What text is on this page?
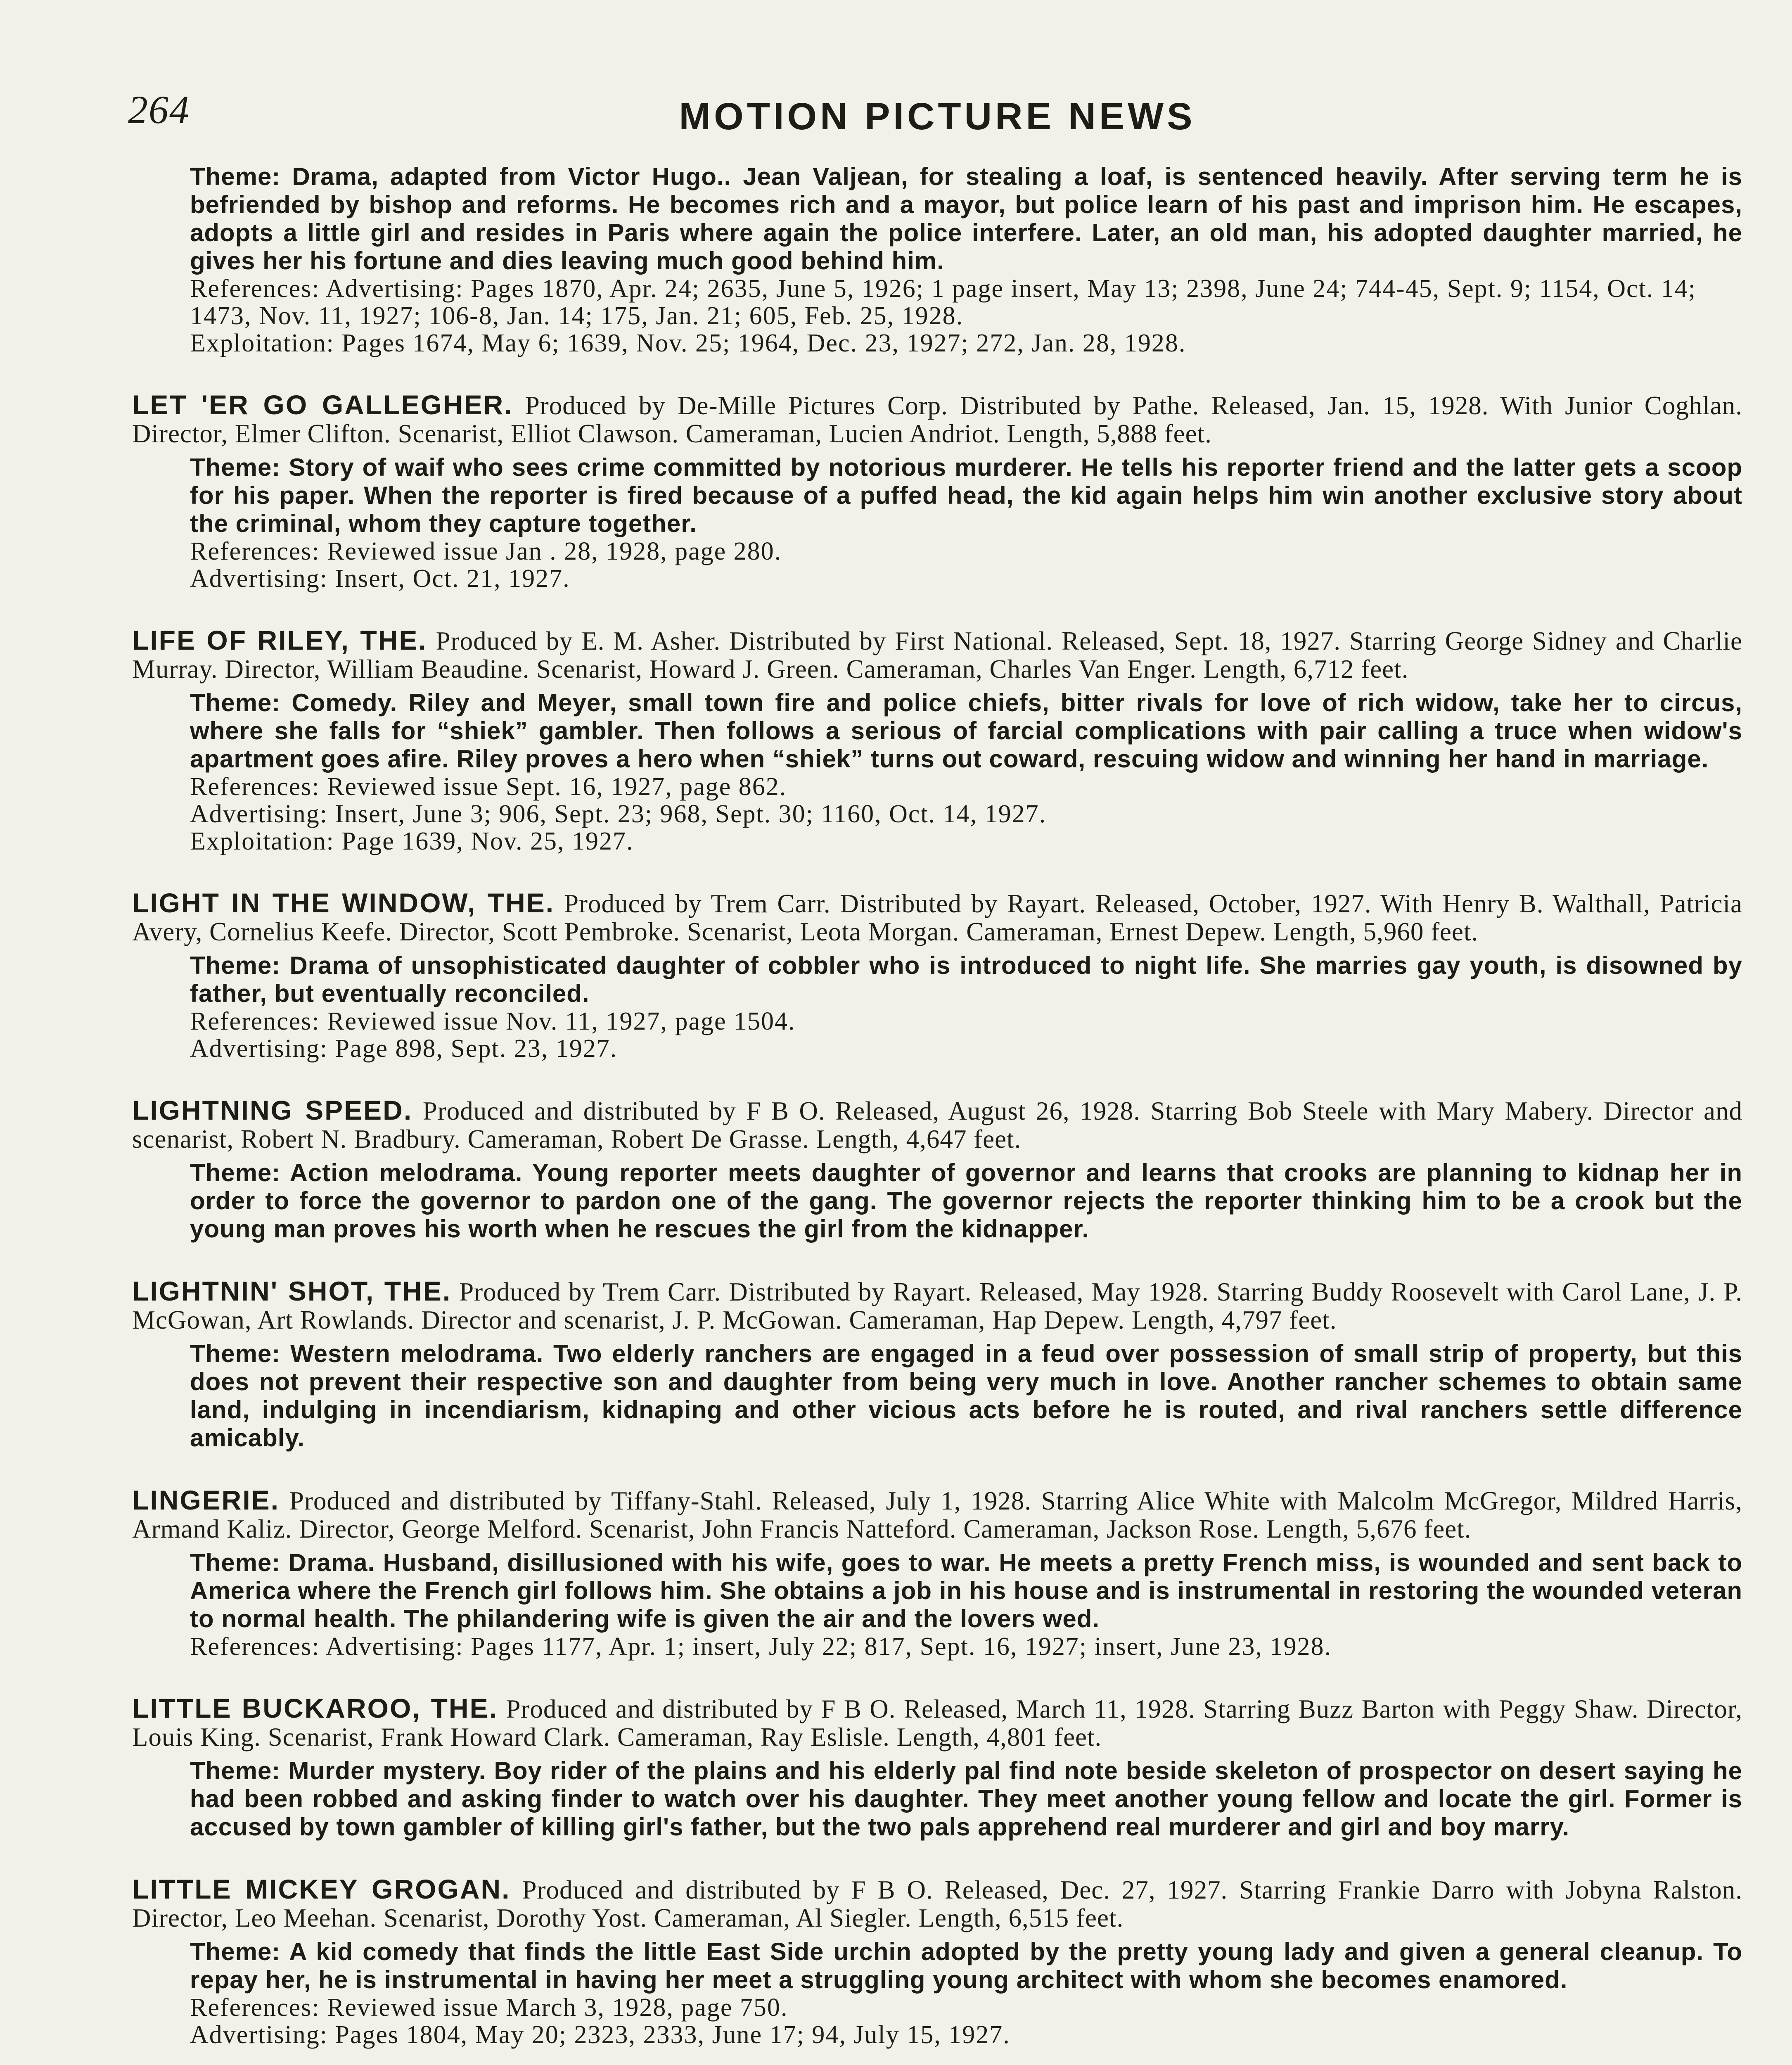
264	MOTION PICTURE NEWS

Theme: Drama, adapted from Victor Hugo.. Jean Valjean, for stealing a loaf, is sentenced heavily. After serving term he is befriended by bishop and reforms. He becomes rich and a mayor, but police learn of his past and imprison him. He escapes, adopts a little girl and resides in Paris where again the police interfere. Later, an old man, his adopted daughter married, he gives her his fortune and dies leaving much good behind him.

References: Advertising: Pages 1870, Apr. 24; 2635, June 5, 1926; 1 page insert, May 13; 2398, June 24; 744-45, Sept. 9; 1154, Oct. 14; 1473, Nov. 11, 1927; 106-8, Jan. 14; 175, Jan. 21; 605, Feb. 25, 1928.
Exploitation: Pages 1674, May 6; 1639, Nov. 25; 1964, Dec. 23, 1927; 272, Jan. 28, 1928.

LET 'ER GO GALLEGHER. Produced by De-Mille Pictures Corp. Distributed by Pathe. Released, Jan. 15, 1928. With Junior Coghlan. Director, Elmer Clifton. Scenarist, Elliot Clawson. Cameraman, Lucien Andriot. Length, 5,888 feet.

Theme: Story of waif who sees crime committed by notorious murderer. He tells his reporter friend and the latter gets a scoop for his paper. When the reporter is fired because of a puffed head, the kid again helps him win another exclusive story about the criminal, whom they capture together.

References: Reviewed issue Jan . 28, 1928, page 280.
Advertising: Insert, Oct. 21, 1927.

LIFE OF RILEY, THE. Produced by E. M. Asher. Distributed by First National. Released, Sept. 18, 1927. Starring George Sidney and Charlie Murray. Director, William Beaudine. Scenarist, Howard J. Green. Cameraman, Charles Van Enger. Length, 6,712 feet.

Theme: Comedy. Riley and Meyer, small town fire and police chiefs, bitter rivals for love of rich widow, take her to circus, where she falls for “shiek” gambler. Then follows a serious of farcial complications with pair calling a truce when widow's apartment goes afire. Riley proves a hero when “shiek” turns out coward, rescuing widow and winning her hand in marriage.

References: Reviewed issue Sept. 16, 1927, page 862.
Advertising: Insert, June 3; 906, Sept. 23; 968, Sept. 30; 1160, Oct. 14, 1927.
Exploitation: Page 1639, Nov. 25, 1927.

LIGHT IN THE WINDOW, THE. Produced by Trem Carr. Distributed by Rayart. Released, October, 1927. With Henry B. Walthall, Patricia Avery, Cornelius Keefe. Director, Scott Pembroke. Scenarist, Leota Morgan. Cameraman, Ernest Depew. Length, 5,960 feet.

Theme: Drama of unsophisticated daughter of cobbler who is introduced to night life. She marries gay youth, is disowned by father, but eventually reconciled.

References: Reviewed issue Nov. 11, 1927, page 1504.
Advertising: Page 898, Sept. 23, 1927.

LIGHTNING SPEED. Produced and distributed by F B O. Released, August 26, 1928. Starring Bob Steele with Mary Mabery. Director and scenarist, Robert N. Bradbury. Cameraman, Robert De Grasse. Length, 4,647 feet.

Theme: Action melodrama. Young reporter meets daughter of governor and learns that crooks are planning to kidnap her in order to force the governor to pardon one of the gang. The governor rejects the reporter thinking him to be a crook but the young man proves his worth when he rescues the girl from the kidnapper.

LIGHTNIN' SHOT, THE. Produced by Trem Carr. Distributed by Rayart. Released, May 1928. Starring Buddy Roosevelt with Carol Lane, J. P. McGowan, Art Rowlands. Director and scenarist, J. P. McGowan. Cameraman, Hap Depew. Length, 4,797 feet.

Theme: Western melodrama. Two elderly ranchers are engaged in a feud over possession of small strip of property, but this does not prevent their respective son and daughter from being very much in love. Another rancher schemes to obtain same land, indulging in incendiarism, kidnaping and other vicious acts before he is routed, and rival ranchers settle difference amicably.

LINGERIE. Produced and distributed by Tiffany-Stahl. Released, July 1, 1928. Starring Alice White with Malcolm McGregor, Mildred Harris, Armand Kaliz. Director, George Melford. Scenarist, John Francis Natteford. Cameraman, Jackson Rose. Length, 5,676 feet.

Theme: Drama. Husband, disillusioned with his wife, goes to war. He meets a pretty French miss, is wounded and sent back to America where the French girl follows him. She obtains a job in his house and is instrumental in restoring the wounded veteran to normal health. The philandering wife is given the air and the lovers wed.

References: Advertising: Pages 1177, Apr. 1; insert, July 22; 817, Sept. 16, 1927; insert, June 23, 1928.

LITTLE BUCKAROO, THE. Produced and distributed by F B O. Released, March 11, 1928. Starring Buzz Barton with Peggy Shaw. Director, Louis King. Scenarist, Frank Howard Clark. Cameraman, Ray Eslisle. Length, 4,801 feet.

Theme: Murder mystery. Boy rider of the plains and his elderly pal find note beside skeleton of prospector on desert saying he had been robbed and asking finder to watch over his daughter. They meet another young fellow and locate the girl. Former is accused by town gambler of killing girl's father, but the two pals apprehend real murderer and girl and boy marry.

LITTLE MICKEY GROGAN. Produced and distributed by F B O. Released, Dec. 27, 1927. Starring Frankie Darro with Jobyna Ralston. Director, Leo Meehan. Scenarist, Dorothy Yost. Cameraman, Al Siegler. Length, 6,515 feet.

Theme: A kid comedy that finds the little East Side urchin adopted by the pretty young lady and given a general cleanup. To repay her, he is instrumental in having her meet a struggling young architect with whom she becomes enamored.

References: Reviewed issue March 3, 1928, page 750.
Advertising: Pages 1804, May 20; 2323, 2333, June 17; 94, July 15, 1927.
